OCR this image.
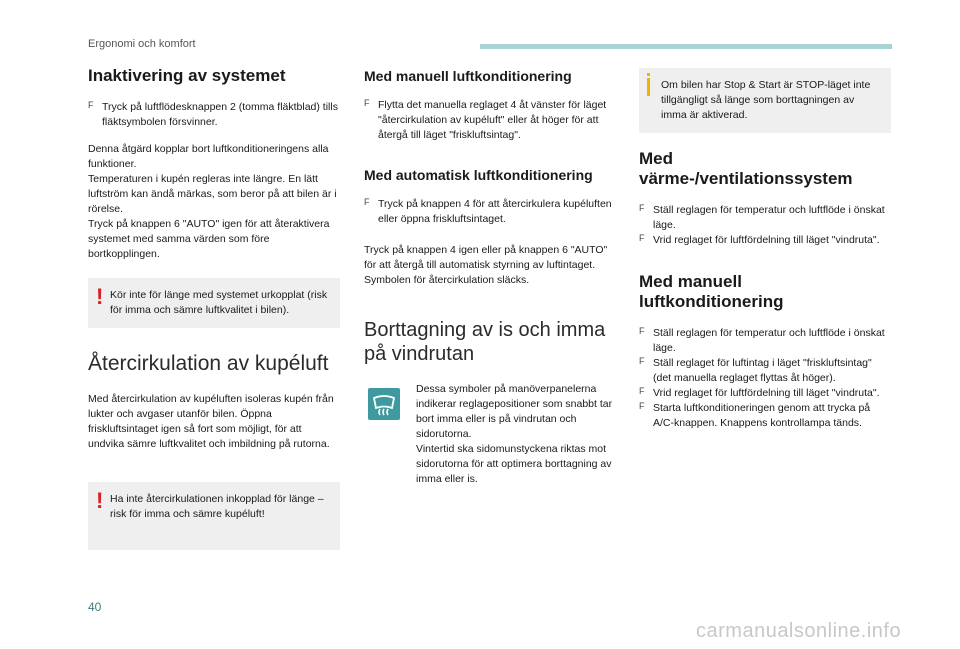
Ergonomi och komfort
Inaktivering av systemet
F Tryck på luftflödesknappen 2 (tomma fläktblad) tills fläktsymbolen försvinner.

Denna åtgärd kopplar bort luftkonditioneringens alla funktioner.

Temperaturen i kupén regleras inte längre. En lätt luftström kan ändå märkas, som beror på att bilen är i rörelse.

Tryck på knappen 6 "AUTO" igen för att återaktivera systemet med samma värden som före bortkopplingen.

! Kör inte för länge med systemet urkopplat (risk för imma och sämre luftkvalitet i bilen).

Återcirkulation av kupéluft

Med återcirkulation av kupéluften isoleras kupén från lukter och avgaser utanför bilen. Öppna friskluftsintaget igen så fort som möjligt, för att undvika sämre luftkvalitet och imbildning på rutorna.

! Ha inte återcirkulationen inkopplad för länge – risk för imma och sämre kupéluft!

Med manuell luftkonditionering
F Flytta det manuella reglaget 4 åt vänster för läget "återcirkulation av kupéluft" eller åt höger för att återgå till läget "friskluftsintag".

Med automatisk luftkonditionering
F Tryck på knappen 4 för att återcirkulera kupéluften eller öppna friskluftsintaget.

Tryck på knappen 4 igen eller på knappen 6 "AUTO" för att återgå till automatisk styrning av luftintaget. Symbolen för återcirkulation släcks.

Borttagning av is och imma på vindrutan

Dessa symboler på manöverpanelerna indikerar reglagepositioner som snabbt tar bort imma eller is på vindrutan och sidorutorna.

Vintertid ska sidomunstyckena riktas mot sidorutorna för att optimera borttagning av imma eller is.

Om bilen har Stop & Start är STOP-läget inte tillgängligt så länge som borttagningen av imma är aktiverad.

Med värme-/ventilationssystem
F Ställ reglagen för temperatur och luftflöde i önskat läge.

F Vrid reglaget för luftfördelning till läget "vindruta".

Med manuell luftkonditionering
F Ställ reglagen för temperatur och luftflöde i önskat läge.

F Ställ reglaget för luftintag i läget "friskluftsintag" (det manuella reglaget flyttas åt höger).

F Vrid reglaget för luftfördelning till läget "vindruta".

F Starta luftkonditioneringen genom att trycka på A/C-knappen. Knappens kontrollampa tänds.

40
carmanualsonline.info
